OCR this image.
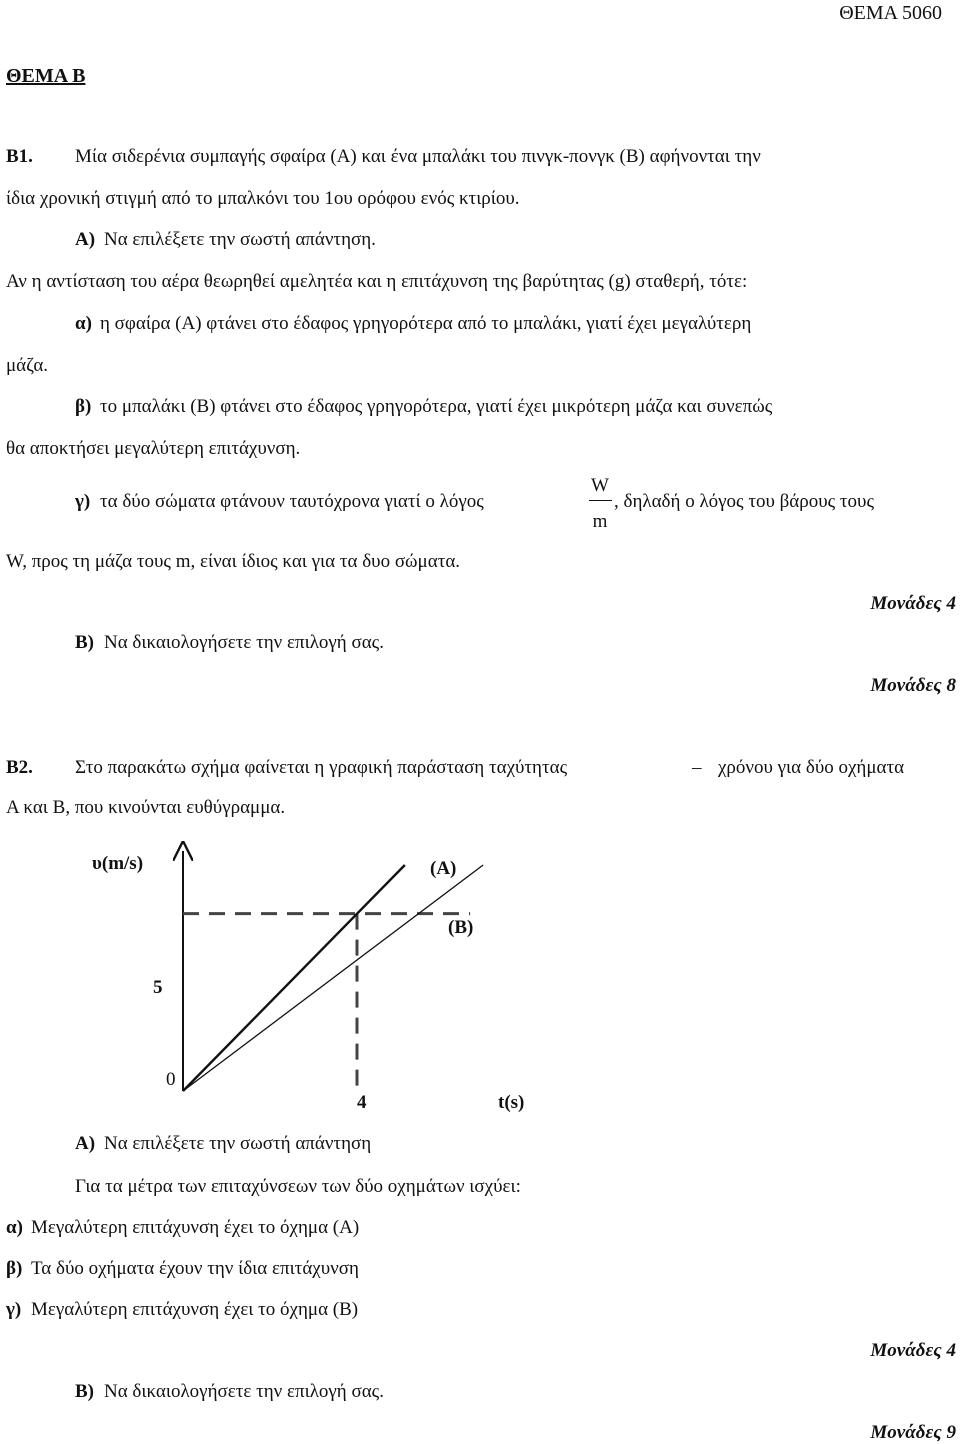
ΘΕΜΑ 5060
ΘΕΜΑ Β
Β1. Μία σιδερένια συμπαγής σφαίρα (Α) και ένα μπαλάκι του πινγκ-πονγκ (Β) αφήνονται την
ίδια χρονική στιγμή από το μπαλκόνι του 1ου ορόφου ενός κτιρίου.
Α) Να επιλέξετε την σωστή απάντηση.
Αν η αντίσταση του αέρα θεωρηθεί αμελητέα και η επιτάχυνση της βαρύτητας (g) σταθερή, τότε:
α) η σφαίρα (Α) φτάνει στο έδαφος γρηγορότερα από το μπαλάκι, γιατί έχει μεγαλύτερη
μάζα.
β) το μπαλάκι (Β) φτάνει στο έδαφος γρηγορότερα, γιατί έχει μικρότερη μάζα και συνεπώς
θα αποκτήσει μεγαλύτερη επιτάχυνση.
γ) τα δύο σώματα φτάνουν ταυτόχρονα γιατί ο λόγος
W
m
, δηλαδή ο λόγος του βάρους τους
W, προς τη μάζα τους m, είναι ίδιος και για τα δυο σώματα.
Μονάδες 4
Β) Να δικαιολογήσετε την επιλογή σας.
Μονάδες 8
Β2. Στο παρακάτω σχήμα φαίνεται η γραφική παράσταση ταχύτητας	– χρόνου για δύο οχήματα
Α και Β, που κινούνται ευθύγραμμα.
υ(m/s)	(Α)
(Β)
5
0
4	t(s)
Α) Να επιλέξετε την σωστή απάντηση
Για τα μέτρα των επιταχύνσεων των δύο οχημάτων ισχύει:
α) Μεγαλύτερη επιτάχυνση έχει το όχημα (Α)
β) Τα δύο οχήματα έχουν την ίδια επιτάχυνση
γ) Μεγαλύτερη επιτάχυνση έχει το όχημα (Β)
Μονάδες 4
Β) Να δικαιολογήσετε την επιλογή σας.
Μονάδες 9
